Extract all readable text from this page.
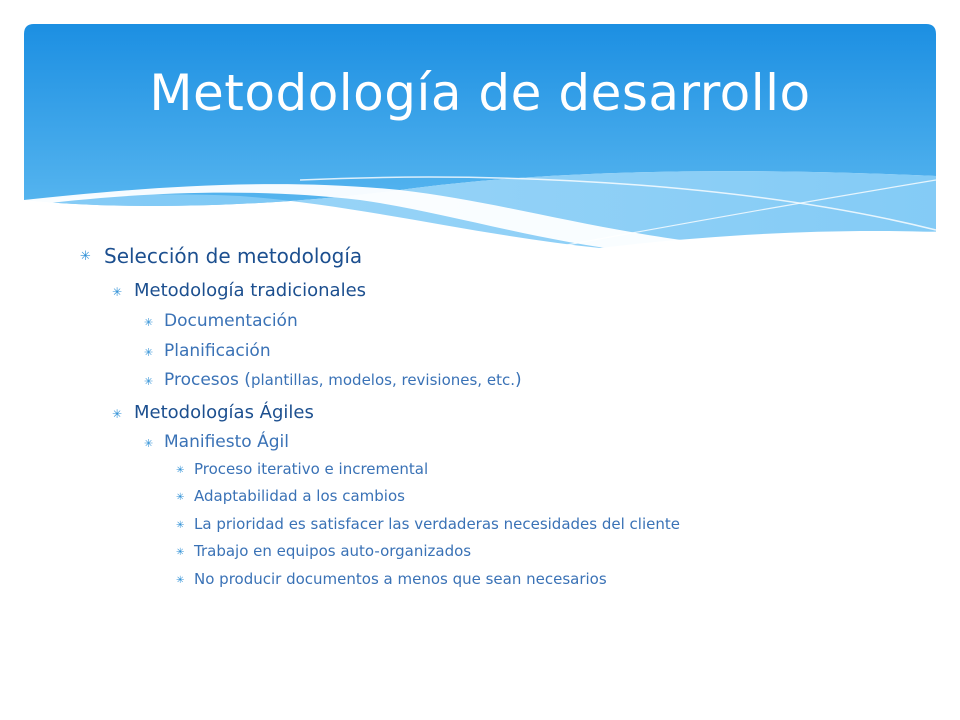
Metodología de desarrollo
✳ Selección de metodología
✳ Metodología tradicionales
✳ Documentación
✳ Planificación
✳ Procesos (plantillas, modelos, revisiones, etc.)
✳ Metodologías Ágiles
✳ Manifiesto Ágil
✳ Proceso iterativo e incremental
✳ Adaptabilidad a los cambios
✳ La prioridad es satisfacer las verdaderas necesidades del cliente
✳ Trabajo en equipos auto-organizados
✳ No producir documentos a menos que sean necesarios
